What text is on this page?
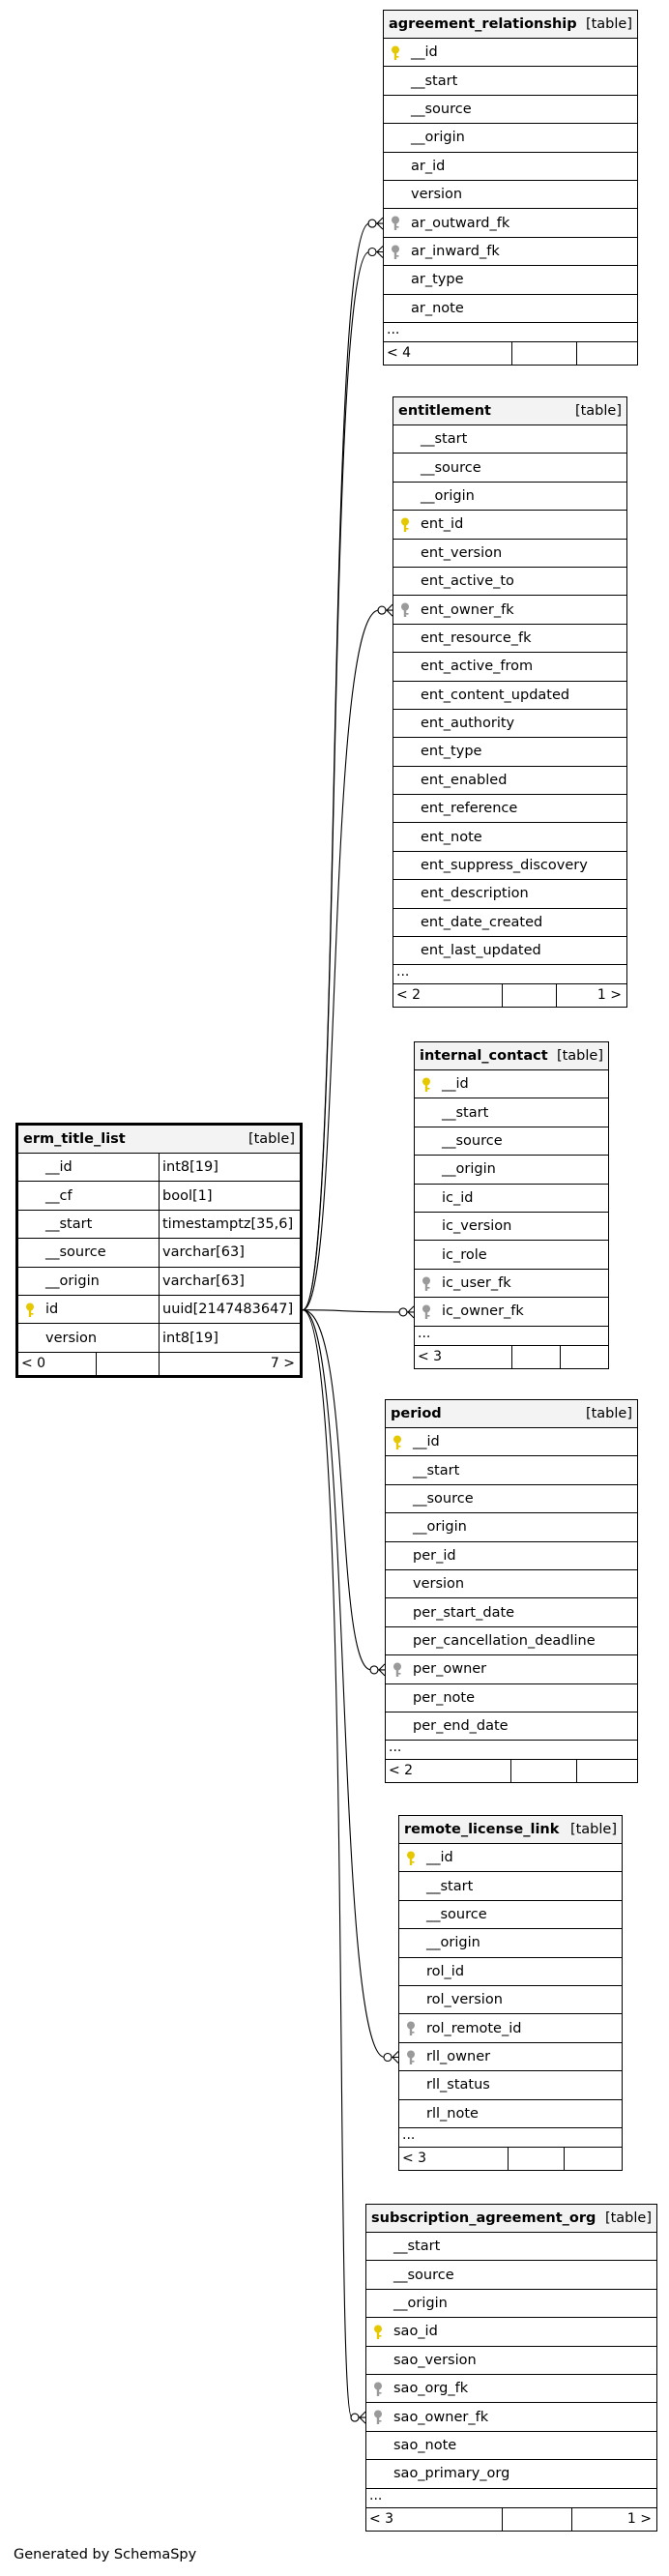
agreement_relationship [table]
__id
__start
__source
__origin
ar_id
version
ar_outward_fk
ar_inward_fk
ar_type
ar_note
...
< 4
entitlement	[table]
__start
__source
__origin
ent_id
ent_version
ent_active_to
ent_owner_fk
ent_resource_fk
ent_active_from
ent_content_updated
ent_authority
ent_type
ent_enabled
ent_reference
ent_note
ent_suppress_discovery
ent_description
ent_date_created
ent_last_updated
...
< 2	1 >
internal_contact [table]
__id
__start
__source
__origin
ic_id
ic_version
ic_role
ic_user_fk
ic_owner_fk
...
< 3
erm_title_list	[table]
__id	int8[19]
__cf	bool[1]
__start	timestamptz[35,6]
__source	varchar[63]
__origin	varchar[63]
id	uuid[2147483647]
version	int8[19]
< 0	7 >
period	[table]
__id
__start
__source
__origin
per_id
version
per_start_date
per_cancellation_deadline
per_owner
per_note
per_end_date
...
< 2
remote_license_link [table]
__id
__start
__source
__origin
rol_id
rol_version
rol_remote_id
rll_owner
rll_status
rll_note
...
< 3
subscription_agreement_org [table]
__start
__source
__origin
sao_id
sao_version
sao_org_fk
sao_owner_fk
sao_note
sao_primary_org
...
< 3	1 >
Generated by SchemaSpy
